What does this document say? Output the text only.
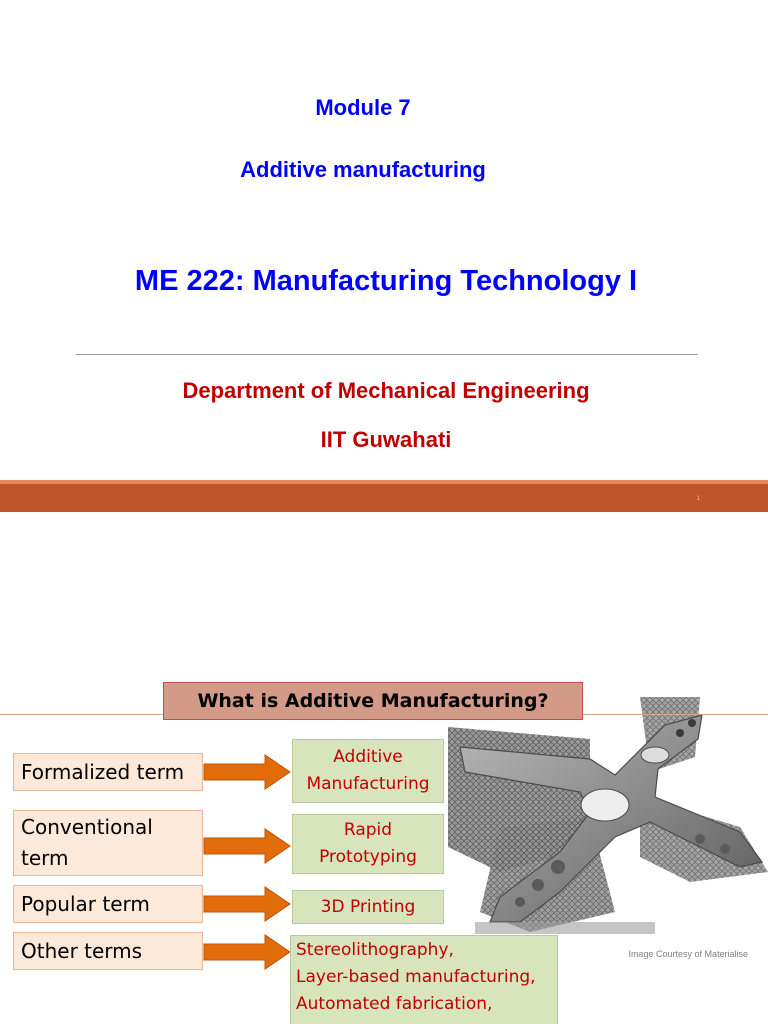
Module 7
Additive manufacturing
ME 222: Manufacturing Technology I
Department of Mechanical Engineering
IIT Guwahati
1
What is Additive Manufacturing?
Formalized term
Additive
Manufacturing
Conventional
term
Rapid
Prototyping
Popular term	3D Printing
Other terms	Stereolithography,
Layer-based manufacturing,
Automated fabrication,
Image Courtesy of Materialise
